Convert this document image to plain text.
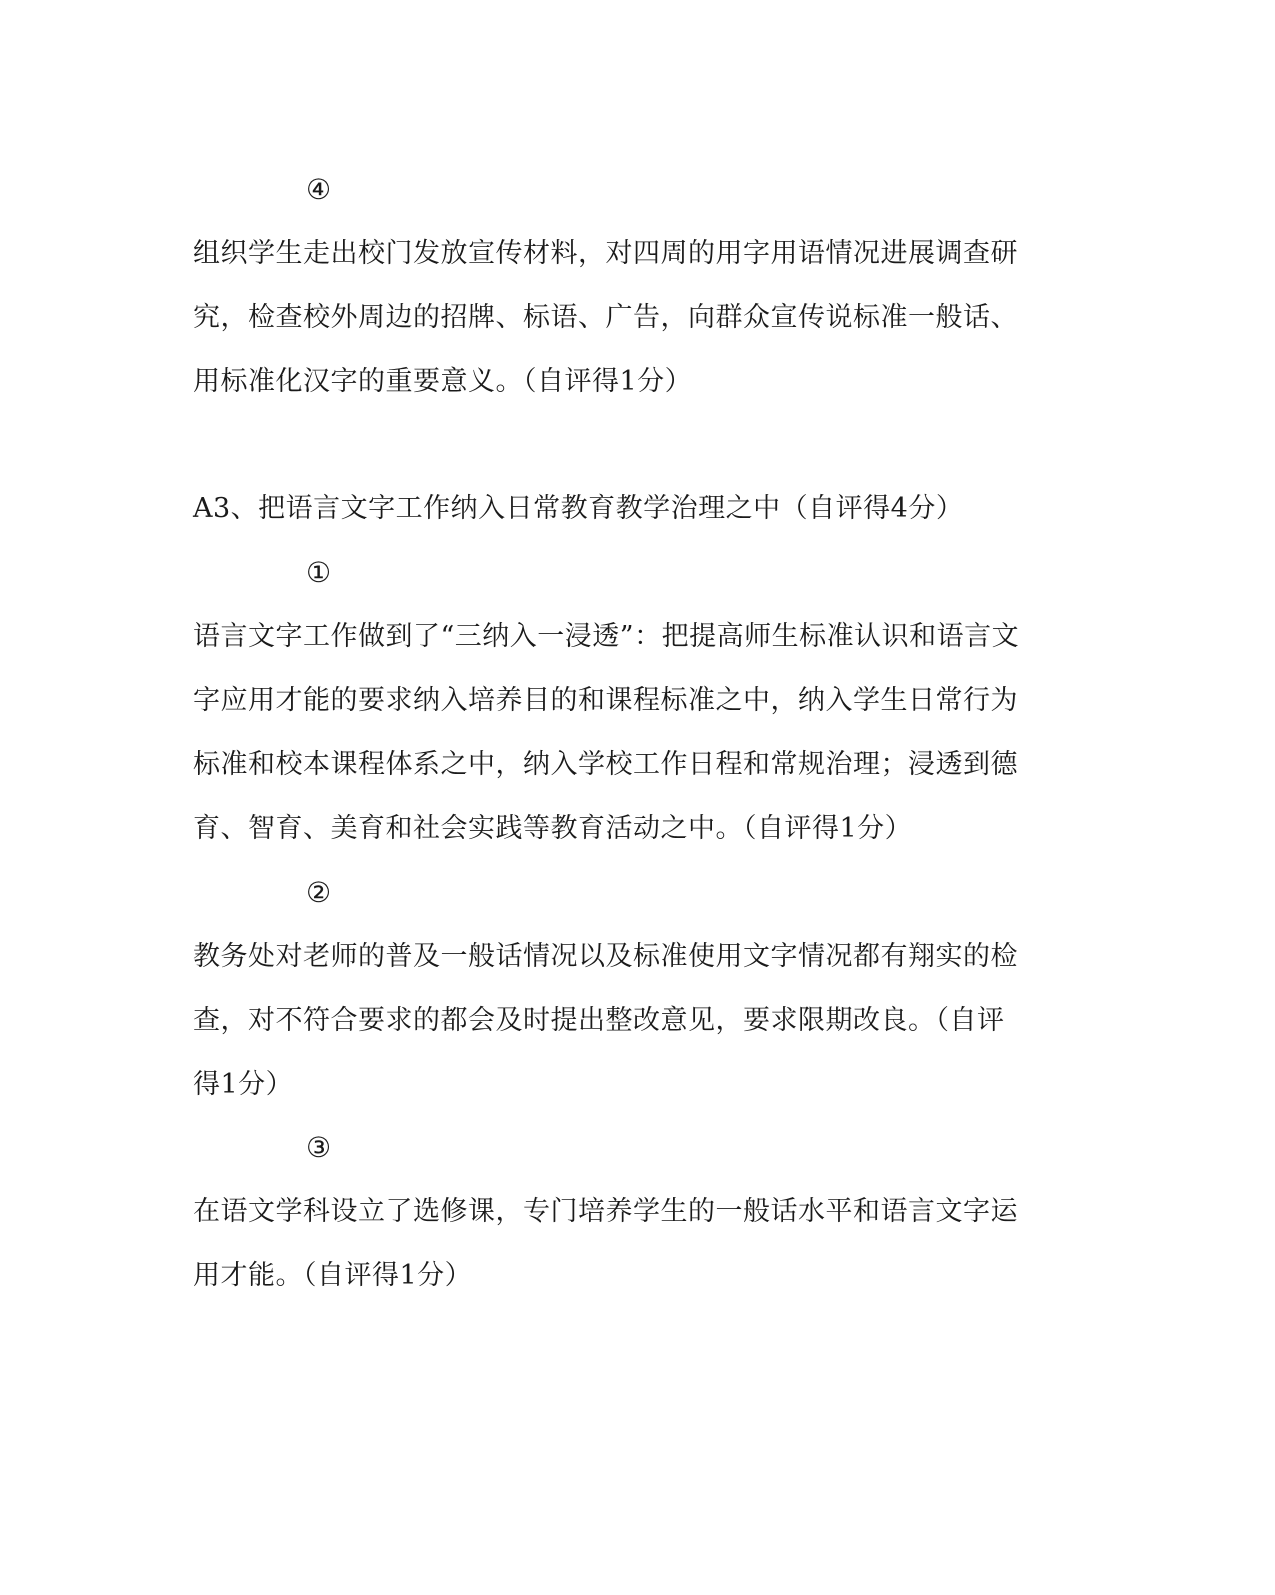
④
组织学生走出校门发放宣传材料，对四周的用字用语情况进展调查研
究，检查校外周边的招牌、标语、广告，向群众宣传说标准一般话、
用标准化汉字的重要意义。（自评得1分）
A3、把语言文字工作纳入日常教育教学治理之中（自评得4分）
①
语言文字工作做到了“三纳入一浸透”：把提高师生标准认识和语言文
字应用才能的要求纳入培养目的和课程标准之中，纳入学生日常行为
标准和校本课程体系之中，纳入学校工作日程和常规治理；浸透到德
育、智育、美育和社会实践等教育活动之中。（自评得1分）
②
教务处对老师的普及一般话情况以及标准使用文字情况都有翔实的检
查，对不符合要求的都会及时提出整改意见，要求限期改良。（自评
得1分）
③
在语文学科设立了选修课，专门培养学生的一般话水平和语言文字运
用才能。（自评得1分）
